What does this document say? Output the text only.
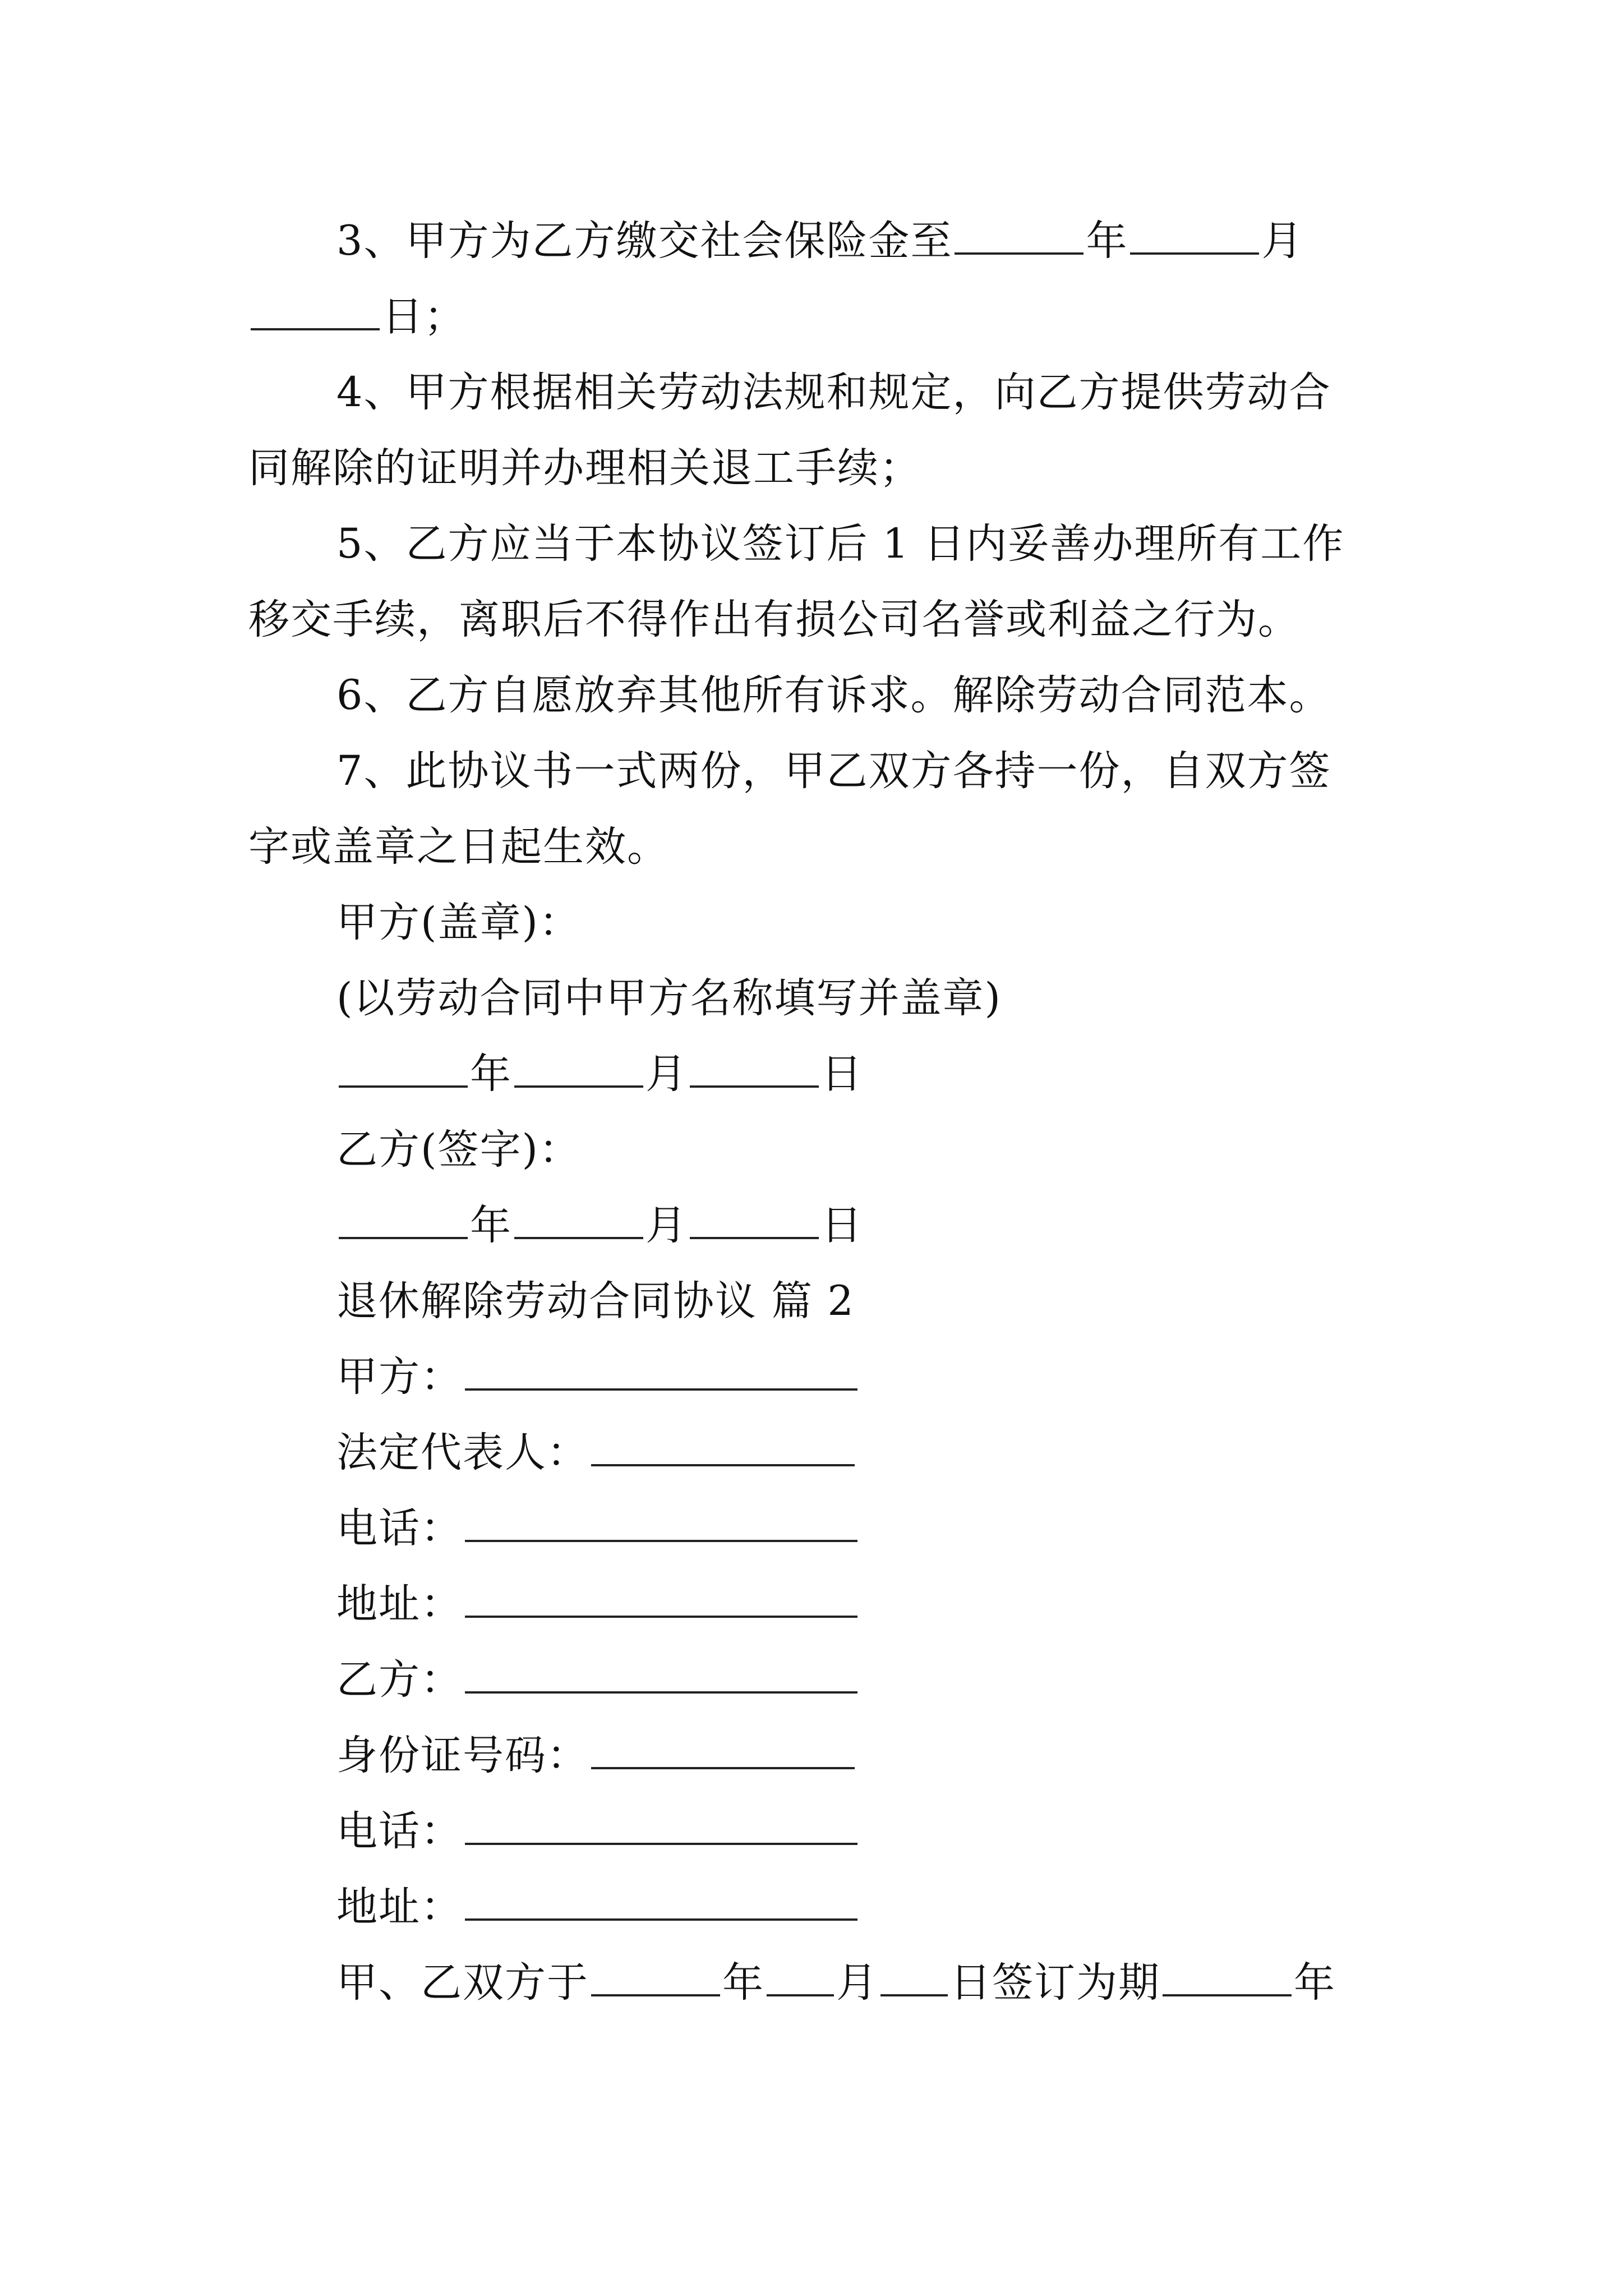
3、甲方为乙方缴交社会保险金至	年	月
日；
4、甲方根据相关劳动法规和规定，向乙方提供劳动合
同解除的证明并办理相关退工手续；
5、乙方应当于本协议签订后 1 日内妥善办理所有工作
移交手续，离职后不得作出有损公司名誉或利益之行为。
6、乙方自愿放弃其他所有诉求。解除劳动合同范本。
7、此协议书一式两份，甲乙双方各持一份，自双方签
字或盖章之日起生效。
甲方(盖章)：
(以劳动合同中甲方名称填写并盖章)
年	月	日
乙方(签字)：
年	月	日
退休解除劳动合同协议 篇 2
甲方：
法定代表人：
电话：
地址：
乙方：
身份证号码：
电话：
地址：
甲、乙双方于	年 月 日签订为期	年
